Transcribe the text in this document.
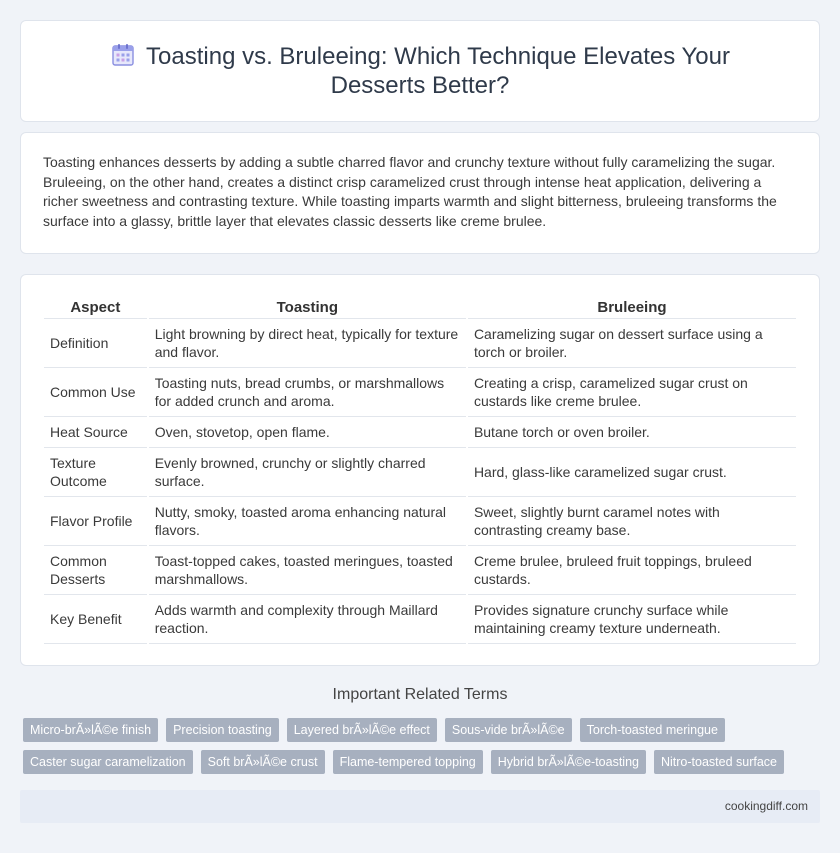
Toasting vs. Bruleeing: Which Technique Elevates Your Desserts Better?

Toasting enhances desserts by adding a subtle charred flavor and crunchy texture without fully caramelizing the sugar. Bruleeing, on the other hand, creates a distinct crisp caramelized crust through intense heat application, delivering a richer sweetness and contrasting texture. While toasting imparts warmth and slight bitterness, bruleeing transforms the surface into a glassy, brittle layer that elevates classic desserts like creme brulee.

Aspect	Toasting	Bruleeing
Definition	Light browning by direct heat, typically for texture and flavor.	Caramelizing sugar on dessert surface using a torch or broiler.
Common Use	Toasting nuts, bread crumbs, or marshmallows for added crunch and aroma.	Creating a crisp, caramelized sugar crust on custards like creme brulee.
Heat Source	Oven, stovetop, open flame.	Butane torch or oven broiler.
Texture Outcome	Evenly browned, crunchy or slightly charred surface.	Hard, glass-like caramelized sugar crust.
Flavor Profile	Nutty, smoky, toasted aroma enhancing natural flavors.	Sweet, slightly burnt caramel notes with contrasting creamy base.
Common Desserts	Toast-topped cakes, toasted meringues, toasted marshmallows.	Creme brulee, bruleed fruit toppings, bruleed custards.
Key Benefit	Adds warmth and complexity through Maillard reaction.	Provides signature crunchy surface while maintaining creamy texture underneath.
Important Related Terms
Micro-brÃ»lÃ©e finish	Precision toasting	Layered brÃ»lÃ©e effect	Sous-vide brÃ»lÃ©e	Torch-toasted meringue
Caster sugar caramelization	Soft brÃ»lÃ©e crust	Flame-tempered topping	Hybrid brÃ»lÃ©e-toasting	Nitro-toasted surface
cookingdiff.com
